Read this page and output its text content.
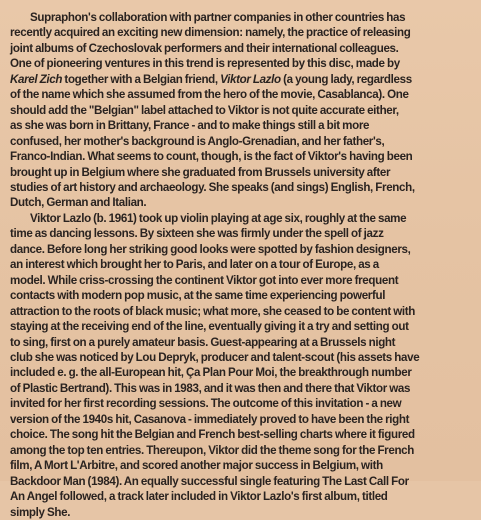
Supraphon's collaboration with partner companies in other countries has
recently acquired an exciting new dimension: namely, the practice of releasing
joint albums of Czechoslovak performers and their international colleagues.
One of pioneering ventures in this trend is represented by this disc, made by
Karel Zich together with a Belgian friend, Viktor Lazlo (a young lady, regardless
of the name which she assumed from the hero of the movie, Casablanca). One
should add the "Belgian" label attached to Viktor is not quite accurate either,
as she was born in Brittany, France - and to make things still a bit more
confused, her mother's background is Anglo-Grenadian, and her father's,
Franco-Indian. What seems to count, though, is the fact of Viktor's having been
brought up in Belgium where she graduated from Brussels university after
studies of art history and archaeology. She speaks (and sings) English, French,
Dutch, German and Italian.
Viktor Lazlo (b. 1961) took up violin playing at age six, roughly at the same
time as dancing lessons. By sixteen she was firmly under the spell of jazz
dance. Before long her striking good looks were spotted by fashion designers,
an interest which brought her to Paris, and later on a tour of Europe, as a
model. While criss-crossing the continent Viktor got into ever more frequent
contacts with modern pop music, at the same time experiencing powerful
attraction to the roots of black music; what more, she ceased to be content with
staying at the receiving end of the line, eventually giving it a try and setting out
to sing, first on a purely amateur basis. Guest-appearing at a Brussels night
club she was noticed by Lou Depryk, producer and talent-scout (his assets have
included e. g. the all-European hit, Ça Plan Pour Moi, the breakthrough number
of Plastic Bertrand). This was in 1983, and it was then and there that Viktor was
invited for her first recording sessions. The outcome of this invitation - a new
version of the 1940s hit, Casanova - immediately proved to have been the right
choice. The song hit the Belgian and French best-selling charts where it figured
among the top ten entries. Thereupon, Viktor did the theme song for the French
film, A Mort L'Arbitre, and scored another major success in Belgium, with
Backdoor Man (1984). An equally successful single featuring The Last Call For
An Angel followed, a track later included in Viktor Lazlo's first album, titled
simply She.
